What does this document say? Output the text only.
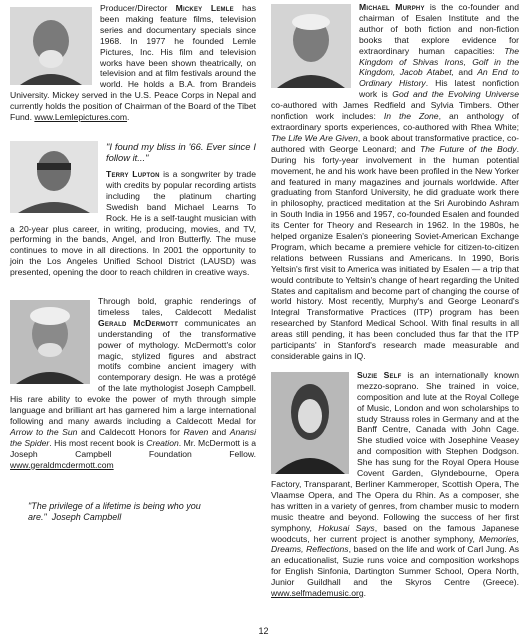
Producer/Director Mickey Lemle has been making feature films, television series and documentary specials since 1968. In 1977 he founded Lemle Pictures, Inc. His film and television works have been shown theatrically, on television and at film festivals around the world. He holds a B.A. from Brandeis University. Mickey served in the U.S. Peace Corps in Nepal and currently holds the position of Chairman of the Board of the Tibet Fund. www.Lemlepictures.com.

"I found my bliss in '66. Ever since I follow it..."

Terry Lupton is a songwriter by trade with credits by popular recording artists including the platinum charting Swedish band Michael Learns To Rock. He is a self-taught musician with a 20-year plus career, in writing, producing, movies, and TV, performing in the bands, Angel, and Iron Butterfly. The muse continues to move in all directions. In 2001 the opportunity to join the Los Angeles Unified School District (LAUSD) was presented, opening the door to reach children in creative ways.

Through bold, graphic renderings of timeless tales, Caldecott Medalist Gerald McDermott communicates an understanding of the transformative power of mythology. McDermott's color magic, stylized figures and abstract motifs combine ancient imagery with contemporary design. He was a protégé of the late mythologist Joseph Campbell. His rare ability to evoke the power of myth through simple language and brilliant art has garnered him a large international following and many awards including a Caldecott Medal for Arrow to the Sun and Caldecott Honors for Raven and Anansi the Spider. His most recent book is Creation. Mr. McDermott is a Joseph Campbell Foundation Fellow. www.geraldmcdermott.com

"The privilege of a lifetime is being who you are." Joseph Campbell

Michael Murphy is the co-founder and chairman of Esalen Institute and the author of both fiction and non-fiction books that explore evidence for extraordinary human capacities: The Kingdom of Shivas Irons, Golf in the Kingdom, Jacob Atabet, and An End to Ordinary History. His latest nonfiction work is God and the Evolving Universe co-authored with James Redfield and Sylvia Timbers. Other nonfiction work includes: In the Zone, an anthology of extraordinary sports experiences, co-authored with Rhea White; The Life We Are Given, a book about transformative practice, co-authored with George Leonard; and The Future of the Body. During his forty-year involvement in the human potential movement, he and his work have been profiled in the New Yorker and featured in many magazines and journals worldwide. After graduating from Stanford University, he did graduate work there in philosophy, practiced meditation at the Sri Aurobindo Ashram in South India in 1956 and 1957, co-founded Esalen and founded its Center for Theory and Research in 1962. In the 1980s, he helped organize Esalen's pioneering Soviet-American Exchange Program, which became a premiere vehicle for citizen-to-citizen relations between Russians and Americans. In 1990, Boris Yeltsin's first visit to America was initiated by Esalen — a trip that would contribute to Yeltsin's change of heart regarding the United States and capitalism and become part of changing the course of world history. Most recently, Murphy's and George Leonard's Integral Transformative Practices (ITP) program has been researched by Stanford Medical School. With final results in all areas still pending, it has been concluded thus far that the ITP participants' in Stanford's research made measurable and considerable gains in IQ.

Suzie Self is an internationally known mezzo-soprano. She trained in voice, composition and lute at the Royal College of Music, London and won scholarships to study Strauss roles in Germany and at the Banff Centre, Canada with John Cage. She studied voice with Josephine Veasey and composition with Stephen Dodgson. She has sung for the Royal Opera House Covent Garden, Glyndebourne, Opera Factory, Transparant, Berliner Kammeroper, Scottish Opera, The Vlaamse Opera, and The Opera du Rhin. As a composer, she has written in a variety of genres, from chamber music to modern music theatre and beyond. Following the success of her first symphony, Hokusai Says, based on the famous Japanese woodcuts, her current project is another symphony, Memories, Dreams, Reflections, based on the life and work of Carl Jung. As an educationalist, Suzie runs voice and composition workshops for English Sinfonia, Dartington Summer School, Opera North, Junior Guildhall and the Skyros Centre (Greece). www.selfmademusic.org.

12
